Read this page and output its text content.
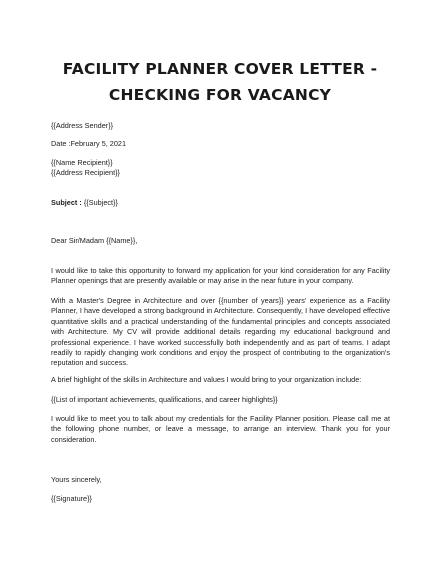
FACILITY PLANNER COVER LETTER -
CHECKING FOR VACANCY
{{Address Sender}}
Date :February 5, 2021
{{Name Recipient}}
{{Address Recipient}}
Subject : {{Subject}}
Dear Sir/Madam {{Name}},
I would like to take this opportunity to forward my application for your kind consideration for any Facility Planner openings that are presently available or may arise in the near future in your company.
With a Master's Degree in Architecture and over {{number of years}} years' experience as a Facility Planner, I have developed a strong background in Architecture. Consequently, I have developed effective quantitative skills and a practical understanding of the fundamental principles and concepts associated with Architecture. My CV will provide additional details regarding my educational background and professional experience. I have worked successfully both independently and as part of teams. I adapt readily to rapidly changing work conditions and enjoy the prospect of contributing to the organization's reputation and success.
A brief highlight of the skills in Architecture and values I would bring to your organization include:
{{List of important achievements, qualifications, and career highlights}}
I would like to meet you to talk about my credentials for the Facility Planner position. Please call me at the following phone number, or leave a message, to arrange an interview. Thank you for your consideration.
Yours sincerely,
{{Signature}}
